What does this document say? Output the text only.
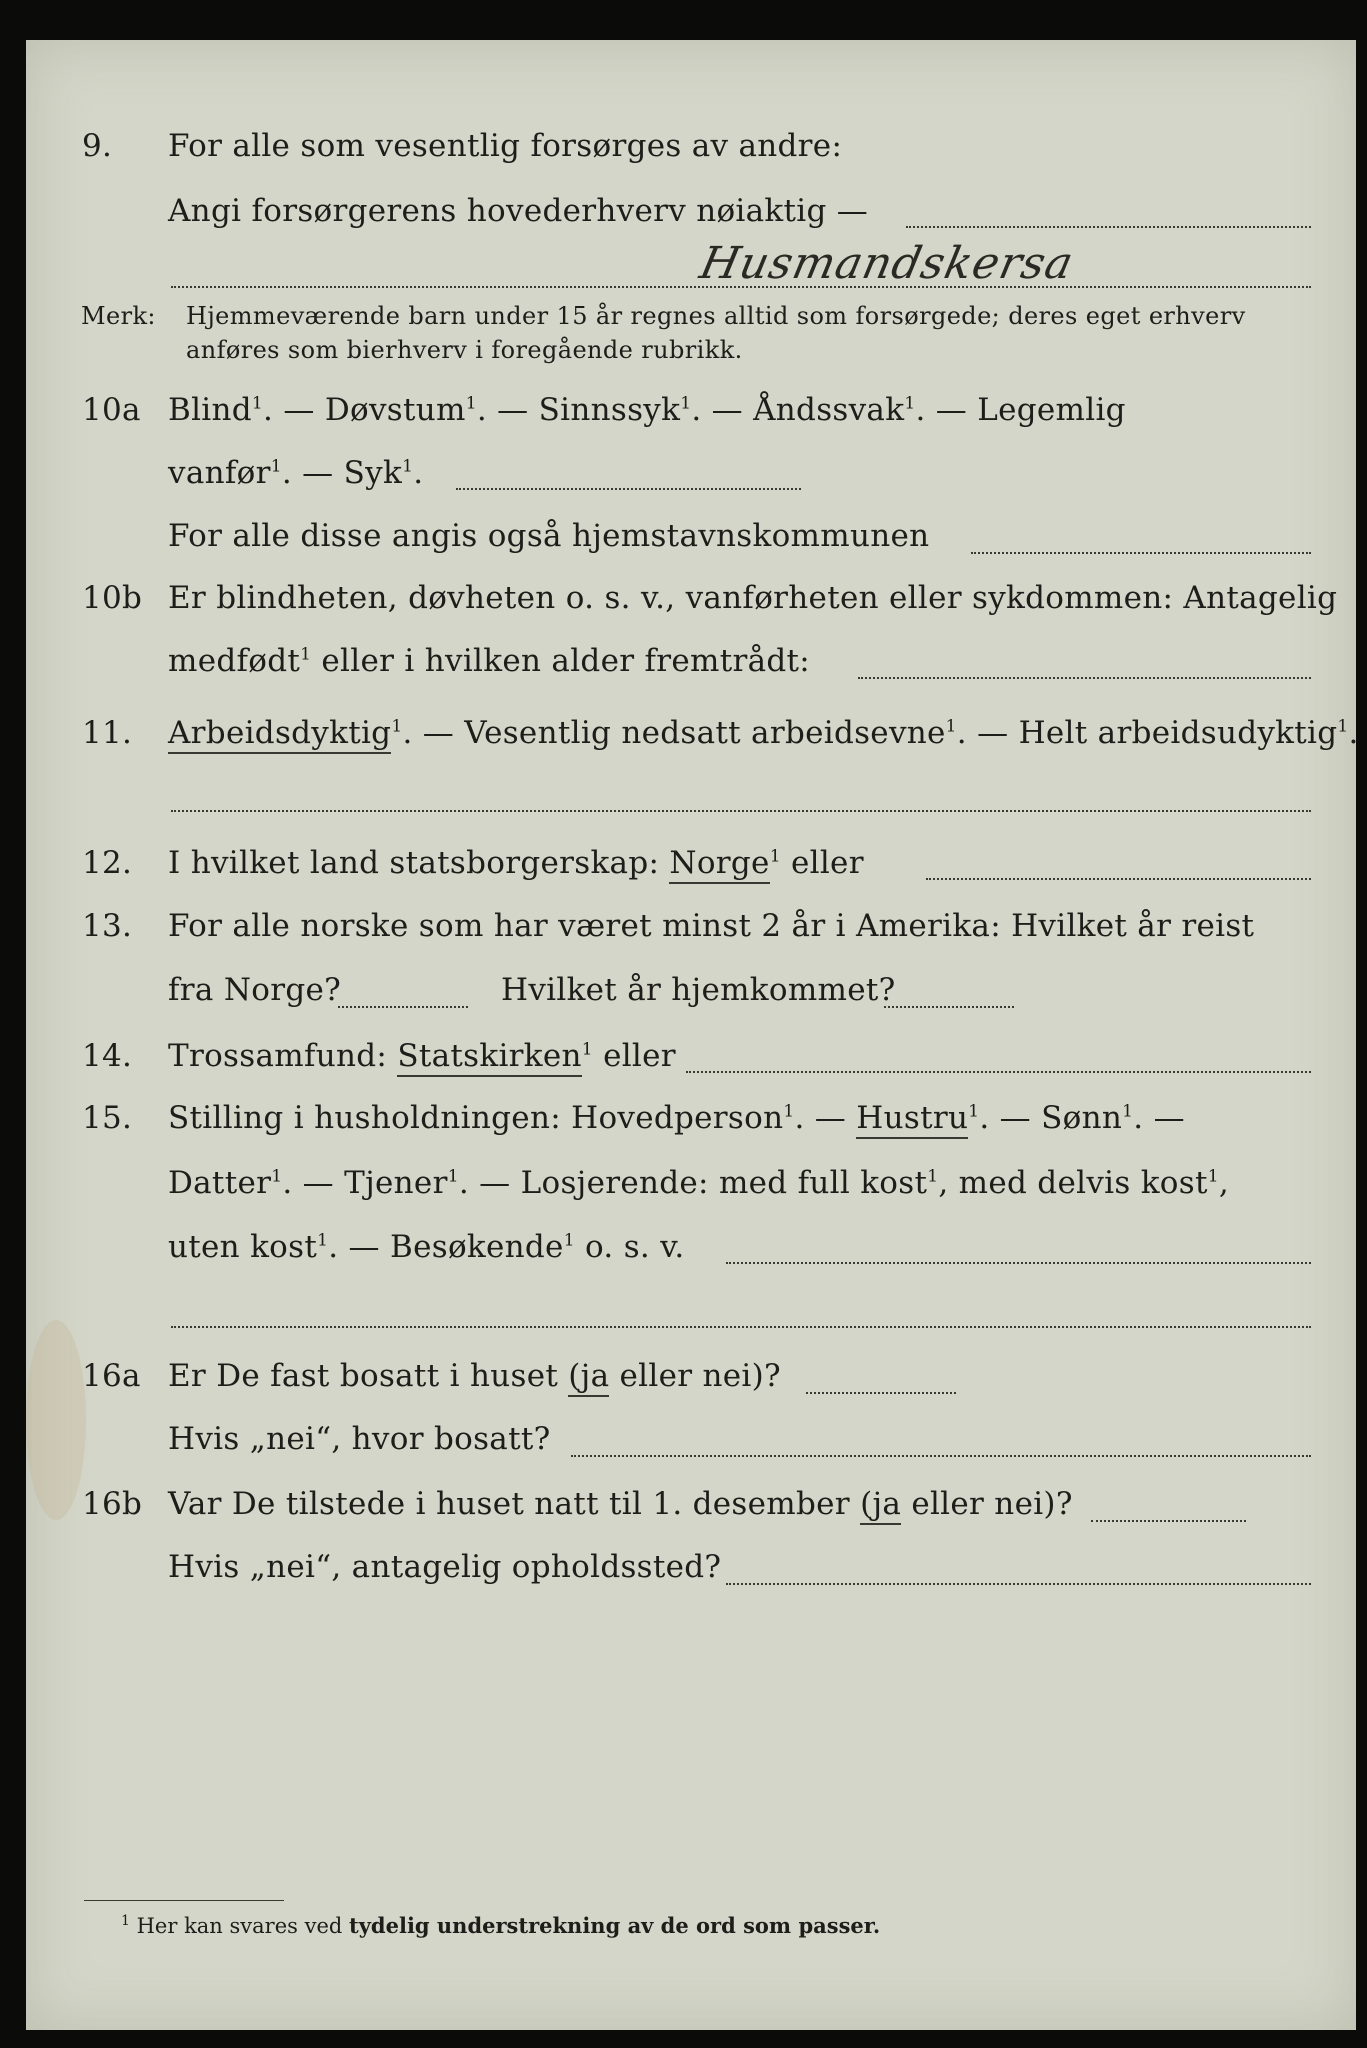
9. For alle som vesentlig forsørges av andre:
Angi forsørgerens hovederhverv nøiaktig —
Husmandskersa
Merk: Hjemmeværende barn under 15 år regnes alltid som forsørgede; deres eget erhverv
anføres som bierhverv i foregående rubrikk.
10a Blind$^1$. — Døvstum$^1$. — Sinnssyk$^1$. — Åndssvak$^1$. — Legemlig
vanfør$^1$. — Syk$^1$.
For alle disse angis også hjemstavnskommunen
10b Er blindheten, døvheten o. s. v., vanførheten eller sykdommen: Antagelig
medfødt$^1$ eller i hvilken alder fremtrådt:
11. Arbeidsdyktig$^1$. — Vesentlig nedsatt arbeidsevne$^1$. — Helt arbeidsudyktig$^1$.
12. I hvilket land statsborgerskap: Norge$^1$ eller
13. For alle norske som har været minst 2 år i Amerika: Hvilket år reist
fra Norge?	Hvilket år hjemkommet?
14. Trossamfund: Statskirken$^1$ eller
15. Stilling i husholdningen: Hovedperson$^1$. — Hustru$^1$. — Sønn$^1$. —
Datter$^1$. — Tjener$^1$. — Losjerende: med full kost$^1$, med delvis kost$^1$,
uten kost$^1$. — Besøkende$^1$ o. s. v.
16a Er De fast bosatt i huset (ja eller nei)?
Hvis „nei“, hvor bosatt?
16b Var De tilstede i huset natt til 1. desember (ja eller nei)?
Hvis „nei“, antagelig opholdssted?
$^1$ Her kan svares ved tydelig understrekning av de ord som passer.
